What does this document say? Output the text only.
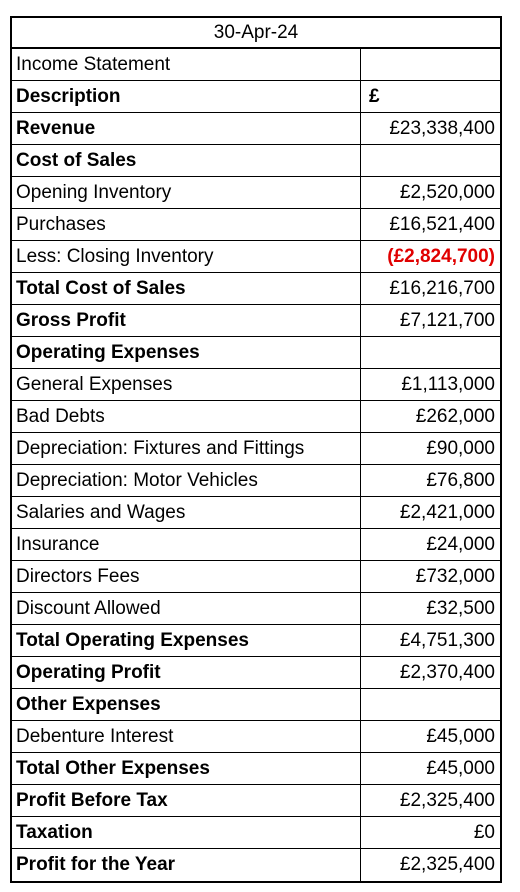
30-Apr-24
Income Statement
Description	£
Revenue	£23,338,400
Cost of Sales
Opening Inventory	£2,520,000
Purchases	£16,521,400
Less: Closing Inventory	(£2,824,700)
Total Cost of Sales	£16,216,700
Gross Profit	£7,121,700
Operating Expenses
General Expenses	£1,113,000
Bad Debts	£262,000
Depreciation: Fixtures and Fittings	£90,000
Depreciation: Motor Vehicles	£76,800
Salaries and Wages	£2,421,000
Insurance	£24,000
Directors Fees	£732,000
Discount Allowed	£32,500
Total Operating Expenses	£4,751,300
Operating Profit	£2,370,400
Other Expenses
Debenture Interest	£45,000
Total Other Expenses	£45,000
Profit Before Tax	£2,325,400
Taxation	£0
Profit for the Year	£2,325,400
